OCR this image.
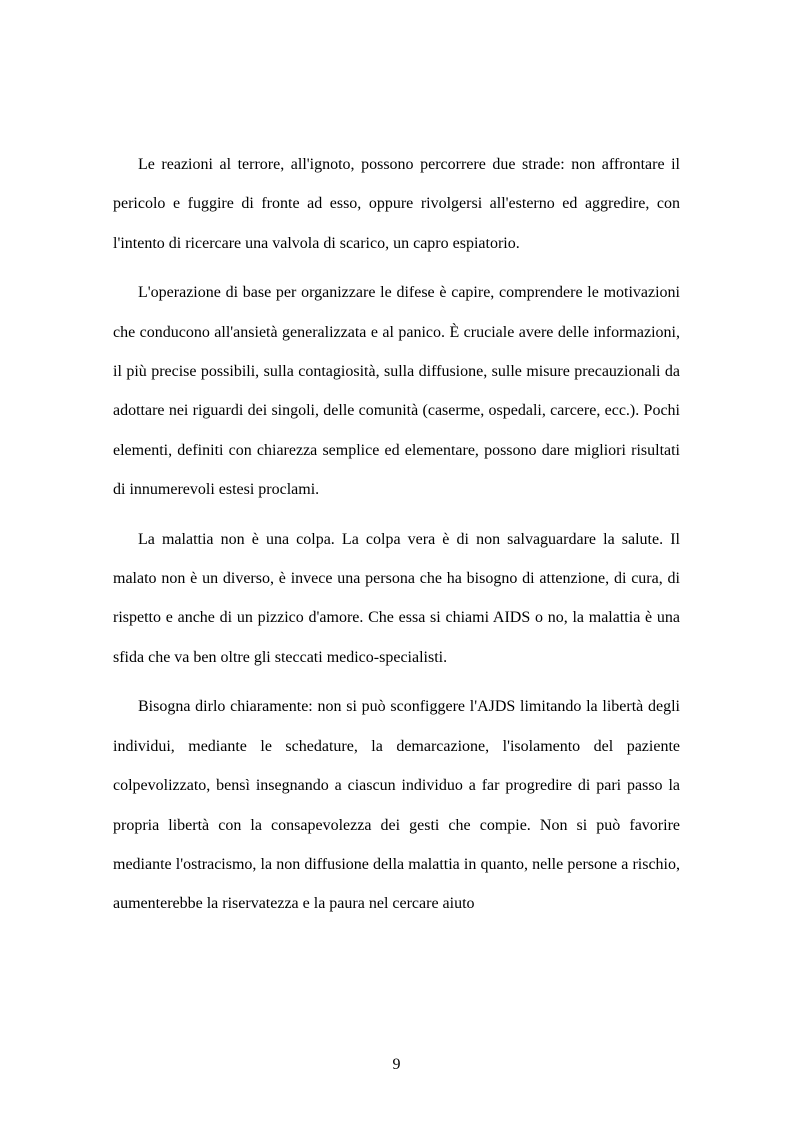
Le reazioni al terrore, all'ignoto, possono percorrere due strade: non affrontare il pericolo e fuggire di fronte ad esso, oppure rivolgersi all'esterno ed aggredire, con l'intento di ricercare una valvola di scarico, un capro espiatorio.

L'operazione di base per organizzare le difese è capire, comprendere le motivazioni che conducono all'ansietà generalizzata e al panico. È cruciale avere delle informazioni, il più precise possibili, sulla contagiosità, sulla diffusione, sulle misure precauzionali da adottare nei riguardi dei singoli, delle comunità (caserme, ospedali, carcere, ecc.). Pochi elementi, definiti con chiarezza semplice ed elementare, possono dare migliori risultati di innumerevoli estesi proclami.

La malattia non è una colpa. La colpa vera è di non salvaguardare la salute. Il malato non è un diverso, è invece una persona che ha bisogno di attenzione, di cura, di rispetto e anche di un pizzico d'amore. Che essa si chiami AIDS o no, la malattia è una sfida che va ben oltre gli steccati medico-specialisti.

Bisogna dirlo chiaramente: non si può sconfiggere l'AJDS limitando la libertà degli individui, mediante le schedature, la demarcazione, l'isolamento del paziente colpevolizzato, bensì insegnando a ciascun individuo a far progredire di pari passo la propria libertà con la consapevolezza dei gesti che compie. Non si può favorire mediante l'ostracismo, la non diffusione della malattia in quanto, nelle persone a rischio, aumenterebbe la riservatezza e la paura nel cercare aiuto

9
